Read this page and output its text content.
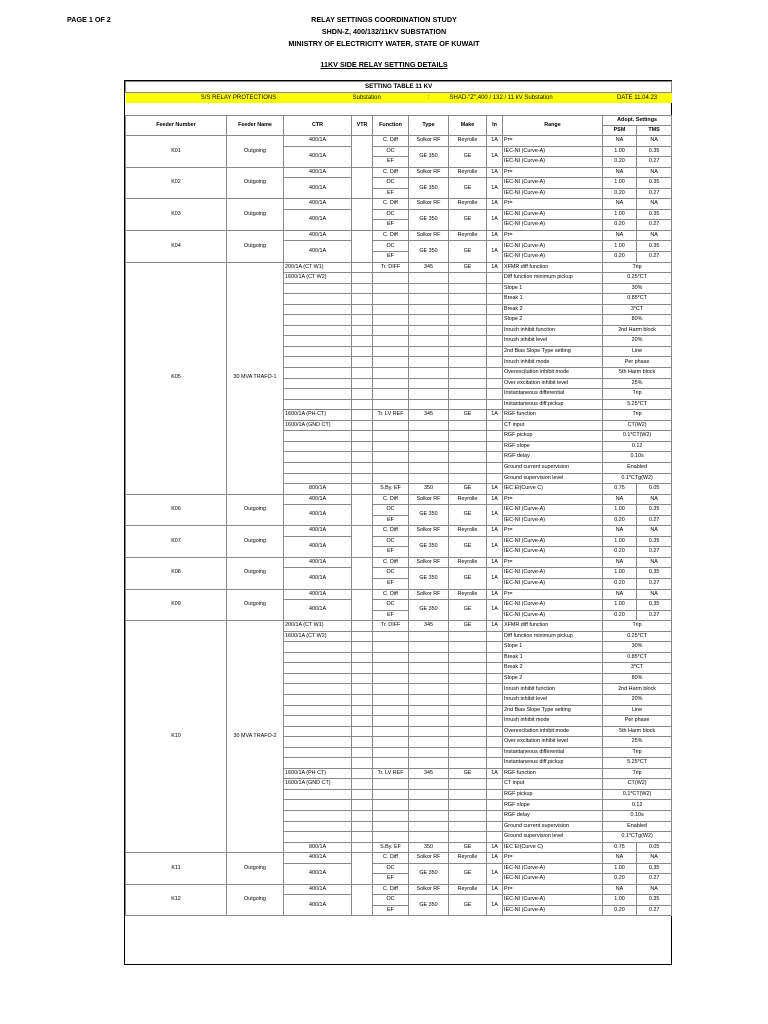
PAGE 1 OF 2	RELAY SETTINGS COORDINATION STUDY
SHDN-Z, 400/132/11KV SUBSTATION
MINISTRY OF ELECTRICITY WATER, STATE OF KUWAIT
11KV SIDE RELAY SETTING DETAILS
SETTING TABLE 11 KV										
S/S RELAY PROTECTIONS			Substation		:	SHAD-"Z",400 / 132 / 11 kV Substation			DATE 11.04.23	

Feeder Number	Feeder Name	CTR	VTR	Function	Type	Make	In	Range	Adopt. Settings	
									PSM	TMS
K01	Outgoing	400/1A		C. Diff	Solkor RF	Reyrolle	1A	Pr=	NA	NA
		400/1A		OC	GE 350	GE	1A	IEC-NI (Curve-A)	1.00	0.35
				EF				IEC-NI (Curve-A)	0.20	0.27
K02	Outgoing	400/1A		C. Diff	Solkor RF	Reyrolle	1A	Pr=	NA	NA
		400/1A		OC	GE 350	GE	1A	IEC-NI (Curve-A)	1.00	0.35
				EF				IEC-NI (Curve-A)	0.20	0.27
K03	Outgoing	400/1A		C. Diff	Solkor RF	Reyrolle	1A	Pr=	NA	NA
		400/1A		OC	GE 350	GE	1A	IEC-NI (Curve-A)	1.00	0.35
				EF				IEC-NI (Curve-A)	0.20	0.27
K04	Outgoing	400/1A		C. Diff	Solkor RF	Reyrolle	1A	Pr=	NA	NA
		400/1A		OC	GE 350	GE	1A	IEC-NI (Curve-A)	1.00	0.35
				EF				IEC-NI (Curve-A)	0.20	0.27
K05	30 MVA TRAFO-1	200/1A (CT W1)		Tr. DIFF	345	GE	1A	XFMR diff function	Trip	
		1600/1A (CT W2)						Diff function minimum pickup	0.25*CT	
								Slope 1	30%	
								Break 1	0.85*CT	
								Break 2	3*CT	
								Slope 2	80%	
								Inrush inhibit function	2nd Harm block	
								Inrush inhibit level	20%	
								2nd Bias Slope Type setting	Line	
								Inrush inhibit mode	Per phase	
								Overexcitation inhibit mode	5th Harm block	
								Over excitation inhibit level	25%	
								Instantaneous differential	Trip	
								Instantaneous diff.pickup	5.25*CT	
		1600/1A (PH CT)		Tr. LV REF	345	GE	1A	RGF function	Trip	
		1600/1A (GND CT)						CT input	CT(W2)	
								RGF pickup	0.1*CT(W2)	
								RGF slope	0.12	
								RGF delay	0.10s	
								Ground current supervision	Enabled	
								Ground supervision level	0.1*CTg(W2)	
		800/1A		S.By. EF	350	GE	1A	IEC EI(Curve C)	0.75	0.05
K06	Outgoing	400/1A		C. Diff	Solkor RF	Reyrolle	1A	Pr=	NA	NA
		400/1A		OC	GE 350	GE	1A	IEC-NI (Curve-A)	1.00	0.35
				EF				IEC-NI (Curve-A)	0.20	0.27
K07	Outgoing	400/1A		C. Diff	Solkor RF	Reyrolle	1A	Pr=	NA	NA
		400/1A		OC	GE 350	GE	1A	IEC-NI (Curve-A)	1.00	0.35
				EF				IEC-NI (Curve-A)	0.20	0.27
K08	Outgoing	400/1A		C. Diff	Solkor RF	Reyrolle	1A	Pr=	NA	NA
		400/1A		OC	GE 350	GE	1A	IEC-NI (Curve-A)	1.00	0.35
				EF				IEC-NI (Curve-A)	0.20	0.27
K09	Outgoing	400/1A		C. Diff	Solkor RF	Reyrolle	1A	Pr=	NA	NA
		400/1A		OC	GE 350	GE	1A	IEC-NI (Curve-A)	1.00	0.35
				EF				IEC-NI (Curve-A)	0.20	0.27
K10	30 MVA TRAFO-2	200/1A (CT W1)		Tr. DIFF	345	GE	1A	XFMR diff function	Trip	
		1600/1A (CT W2)						Diff function minimum pickup	0.25*CT	
								Slope 1	30%	
								Break 1	0.85*CT	
								Break 2	3*CT	
								Slope 2	80%	
								Inrush inhibit function	2nd Harm block	
								Inrush inhibit level	20%	
								2nd Bias Slope Type setting	Line	
								Inrush inhibit mode	Per phase	
								Overexcitation inhibit mode	5th Harm block	
								Over excitation inhibit level	25%	
								Instantaneous differential	Trip	
								Instantaneous diff.pickup	5.25*CT	
		1600/1A (PH CT)		Tr. LV REF	345	GE	1A	RGF function	Trip	
		1600/1A (GND CT)						CT input	CT(W2)	
								RGF pickup	0.1*CT(W2)	
								RGF slope	0.12	
								RGF delay	0.10s	
								Ground current supervision	Enabled	
								Ground supervision level	0.1*CTg(W2)	
		800/1A		S.By. EF	350	GE	1A	IEC EI(Curve C)	0.75	0.05
K11	Outgoing	400/1A		C. Diff	Solkor RF	Reyrolle	1A	Pr=	NA	NA
		400/1A		OC	GE 350	GE	1A	IEC-NI (Curve-A)	1.00	0.35
				EF				IEC-NI (Curve-A)	0.20	0.27
K12	Outgoing	400/1A		C. Diff	Solkor RF	Reyrolle	1A	Pr=	NA	NA
		400/1A		OC	GE 350	GE	1A	IEC-NI (Curve-A)	1.00	0.35
				EF				IEC-NI (Curve-A)	0.20	0.27
